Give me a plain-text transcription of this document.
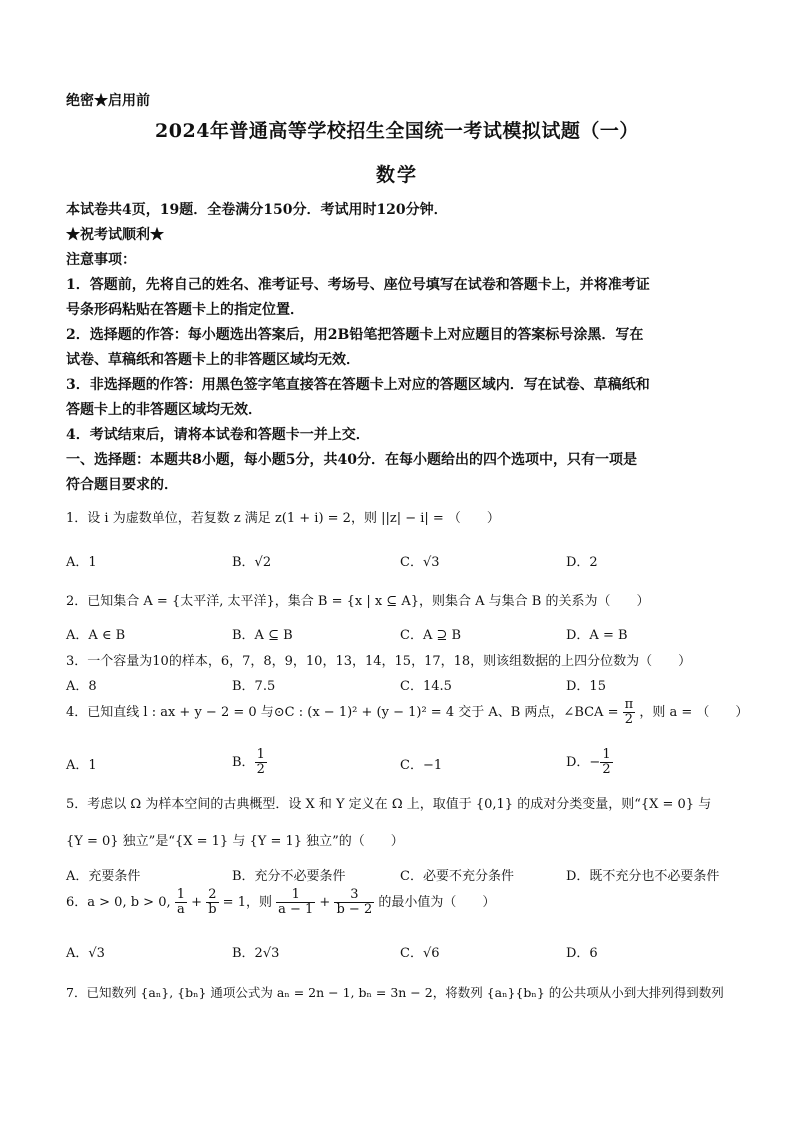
绝密★启用前
2024年普通高等学校招生全国统一考试模拟试题（一）
数学
本试卷共4页，19题．全卷满分150分．考试用时120分钟．
★祝考试顺利★
注意事项：
1．答题前，先将自己的姓名、准考证号、考场号、座位号填写在试卷和答题卡上，并将准考证
号条形码粘贴在答题卡上的指定位置．
2．选择题的作答：每小题选出答案后，用2B铅笔把答题卡上对应题目的答案标号涂黑．写在
试卷、草稿纸和答题卡上的非答题区域均无效．
3．非选择题的作答：用黑色签字笔直接答在答题卡上对应的答题区域内．写在试卷、草稿纸和
答题卡上的非答题区域均无效．
4．考试结束后，请将本试卷和答题卡一并上交．
一、选择题：本题共8小题，每小题5分，共40分．在每小题给出的四个选项中，只有一项是
符合题目要求的．
1．设 i 为虚数单位，若复数 z 满足 z(1 + i) = 2，则 ||z| − i| = （　　）
A．1	B．√2	C．√3	D．2
2．已知集合 A = {太平洋, 太平洋}，集合 B = {x | x ⊆ A}，则集合 A 与集合 B 的关系为（　　）
A．A ∈ B	B．A ⊆ B	C．A ⊇ B	D．A = B
3．一个容量为10的样本，6，7，8，9，10，13，14，15，17，18，则该组数据的上四分位数为（　　）
A．8	B．7.5	C．14.5	D．15
4．已知直线 l : ax + y − 2 = 0 与⊙C : (x − 1)² + (y − 1)² = 4 交于 A、B 两点，∠BCA = $\frac{\pi}{2}$ ，则 a = （　　）
A．1	B． $\frac{1}{2}$	C．−1	D．− $\frac{1}{2}$
5．考虑以 Ω 为样本空间的古典概型．设 X 和 Y 定义在 Ω 上，取值于 {0,1} 的成对分类变量，则“{X = 0} 与
{Y = 0} 独立”是“{X = 1} 与 {Y = 1} 独立”的（　　）
A．充要条件	B．充分不必要条件	C．必要不充分条件	D．既不充分也不必要条件
6．a > 0, b > 0, $\frac{1}{a} + \frac{2}{b} = 1$，则 $\frac{1}{a - 1} + \frac{3}{b - 2}$ 的最小值为（　　）
A．√3	B．2√3	C．√6	D．6
7．已知数列 {aₙ}, {bₙ} 通项公式为 aₙ = 2n − 1, bₙ = 3n − 2，将数列 {aₙ}{bₙ} 的公共项从小到大排列得到数列
